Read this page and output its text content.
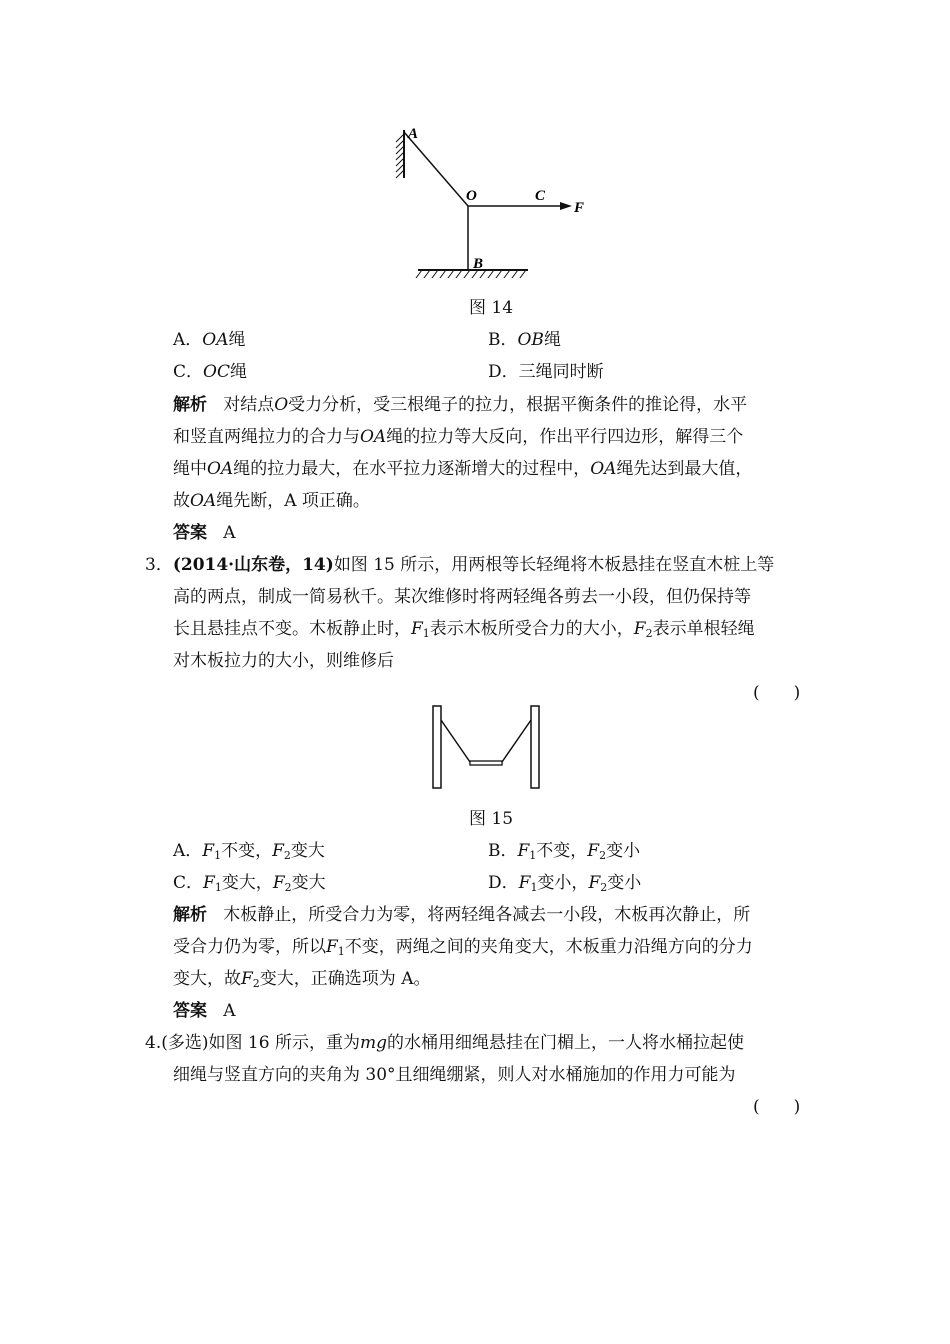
A
O	C
F
B
图 14
A．OA绳	B．OB绳
C．OC绳	D．三绳同时断
解析 对结点O受力分析，受三根绳子的拉力，根据平衡条件的推论得，水平
和竖直两绳拉力的合力与OA绳的拉力等大反向，作出平行四边形，解得三个
绳中OA绳的拉力最大，在水平拉力逐渐增大的过程中，OA绳先达到最大值，
故OA绳先断，A 项正确。
答案 A
3．(2014·山东卷，14)如图 15 所示，用两根等长轻绳将木板悬挂在竖直木桩上等
高的两点，制成一简易秋千。某次维修时将两轻绳各剪去一小段，但仍保持等
长且悬挂点不变。木板静止时，$F_1$表示木板所受合力的大小，$F_2$表示单根轻绳
对木板拉力的大小，则维修后
(　　)
图 15
A．$F_1$不变，$F_2$变大	B．$F_1$不变，$F_2$变小
C．$F_1$变大，$F_2$变大	D．$F_1$变小，$F_2$变小
解析 木板静止，所受合力为零，将两轻绳各减去一小段，木板再次静止，所
受合力仍为零，所以$F_1$不变，两绳之间的夹角变大，木板重力沿绳方向的分力
变大，故$F_2$变大，正确选项为 A。
答案 A
4.(多选)如图 16 所示，重为mg的水桶用细绳悬挂在门楣上，一人将水桶拉起使
细绳与竖直方向的夹角为 30°且细绳绷紧，则人对水桶施加的作用力可能为
(　　)
